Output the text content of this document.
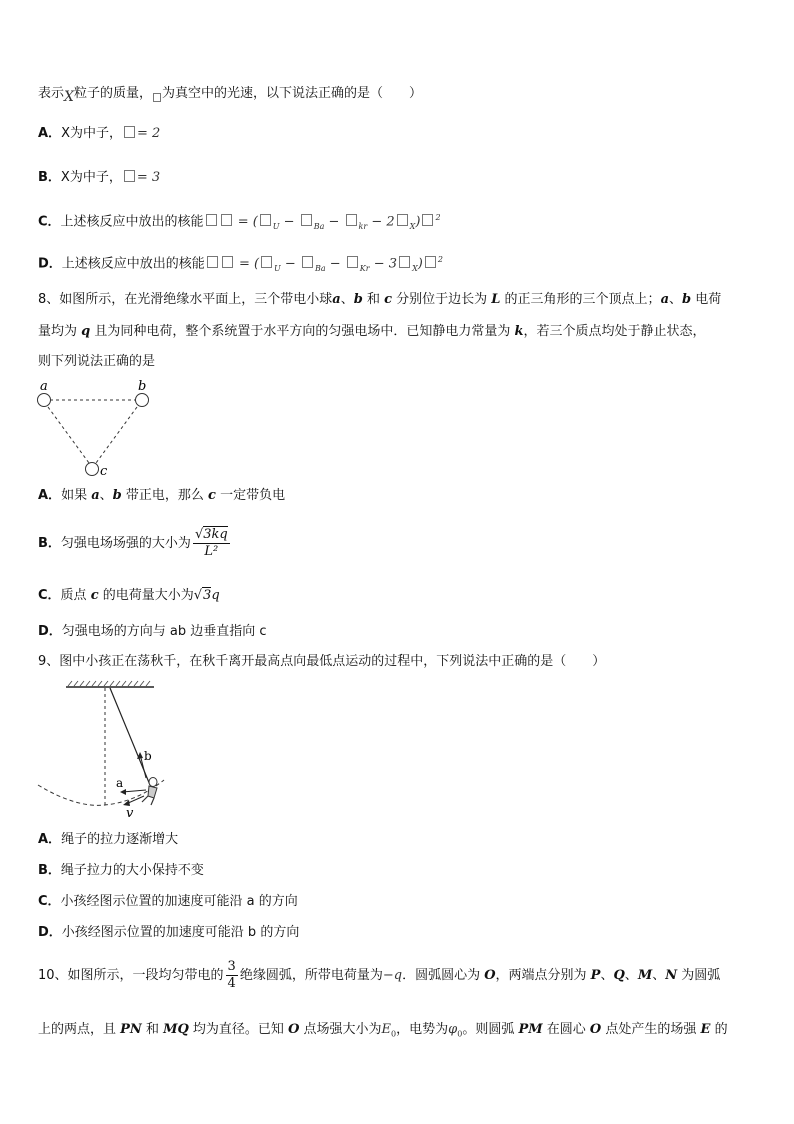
表示X粒子的质量， 为真空中的光速，以下说法正确的是（　　）
A．X为中子， = 2
B．X为中子， = 3
C．上述核反应中放出的核能 = ( $_U$ − $_{Ba}$ − $_{kr}$ − 2 $_X$) $^2$
D．上述核反应中放出的核能 = ( $_U$ − $_{Ba}$ − $_{Kr}$ − 3 $_X$) $^2$
8、如图所示，在光滑绝缘水平面上，三个带电小球a、b 和 c 分别位于边长为 L 的正三角形的三个顶点上；a、b 电荷
量均为 q 且为同种电荷，整个系统置于水平方向的匀强电场中．已知静电力常量为 k，若三个质点均处于静止状态，
则下列说法正确的是
a	b
c
A．如果 a、b 带正电，那么 c 一定带负电
B．匀强电场场强的大小为 $\frac{√3kq}{\text{L²}}$
C．质点 c 的电荷量大小为√3q
D．匀强电场的方向与 ab 边垂直指向 c
9、图中小孩正在荡秋千，在秋千离开最高点向最低点运动的过程中，下列说法中正确的是（　　）
b
a
v
A．绳子的拉力逐渐增大
B．绳子拉力的大小保持不变
C．小孩经图示位置的加速度可能沿 a 的方向
D．小孩经图示位置的加速度可能沿 b 的方向
10、如图所示，一段均匀带电的 $\frac{3}{4}$ 绝缘圆弧，所带电荷量为−q．圆弧圆心为 O，两端点分别为 P、Q、M、N 为圆弧
上的两点，且 PN 和 MQ 均为直径。已知 O 点场强大小为$E_0$，电势为$\varphi_0$。则圆弧 PM 在圆心 O 点处产生的场强 E 的
